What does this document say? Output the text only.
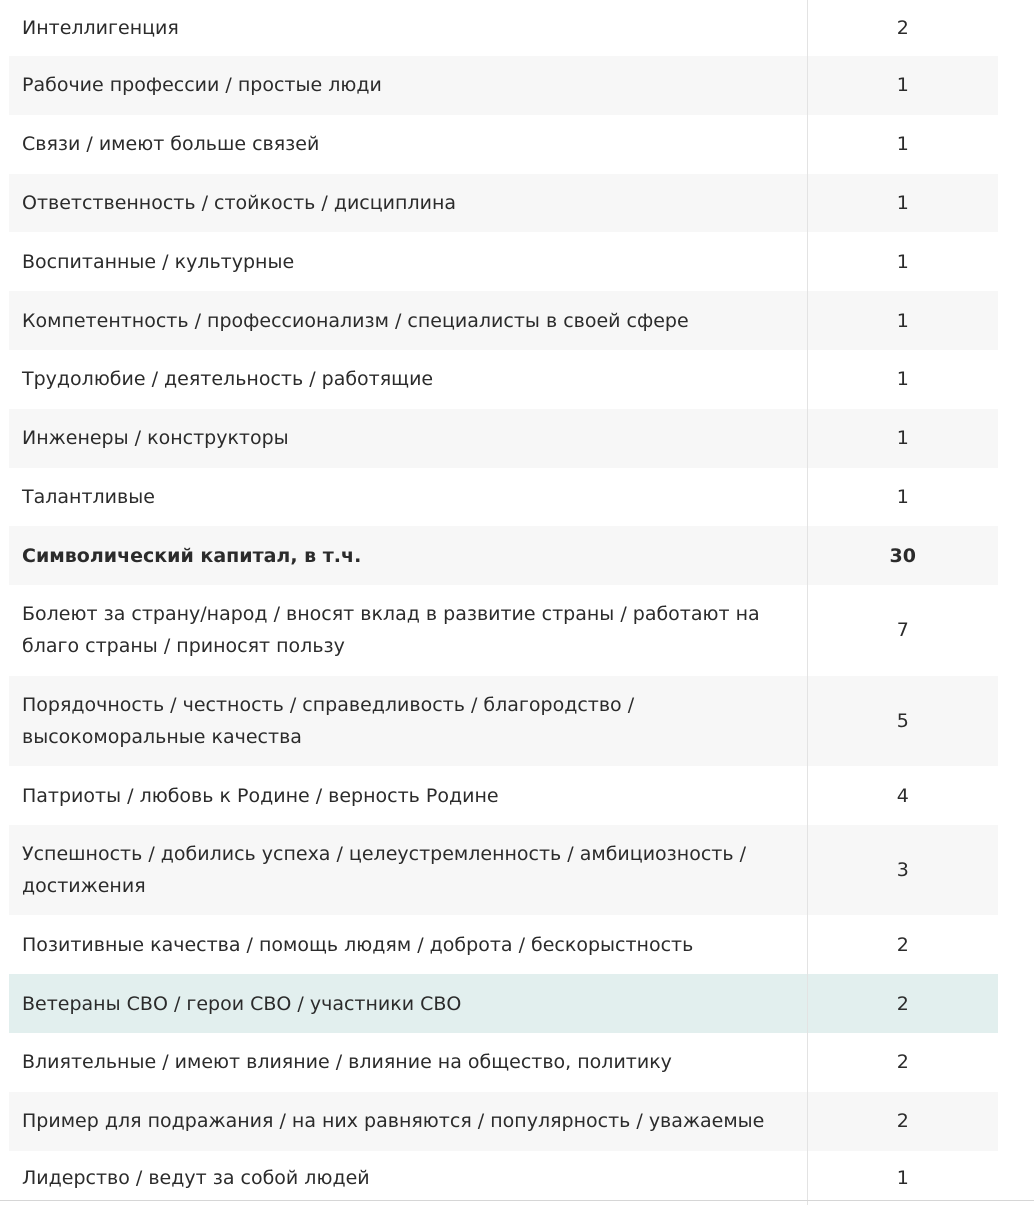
Интеллигенция	2
Рабочие профессии / простые люди	1
Связи / имеют больше связей	1
Ответственность / стойкость / дисциплина	1
Воспитанные / культурные	1
Компетентность / профессионализм / специалисты в своей сфере	1
Трудолюбие / деятельность / работящие	1
Инженеры / конструкторы	1
Талантливые	1
Символический капитал, в т.ч.	30
Болеют за страну/народ / вносят вклад в развитие страны / работают на благо страны / приносят пользу	7
Порядочность / честность / справедливость / благородство / высокоморальные качества	5
Патриоты / любовь к Родине / верность Родине	4
Успешность / добились успеха / целеустремленность / амбициозность / достижения	3
Позитивные качества / помощь людям / доброта / бескорыстность	2
Ветераны СВО / герои СВО / участники СВО	2
Влиятельные / имеют влияние / влияние на общество, политику	2
Пример для подражания / на них равняются / популярность / уважаемые	2
Лидерство / ведут за собой людей	1
